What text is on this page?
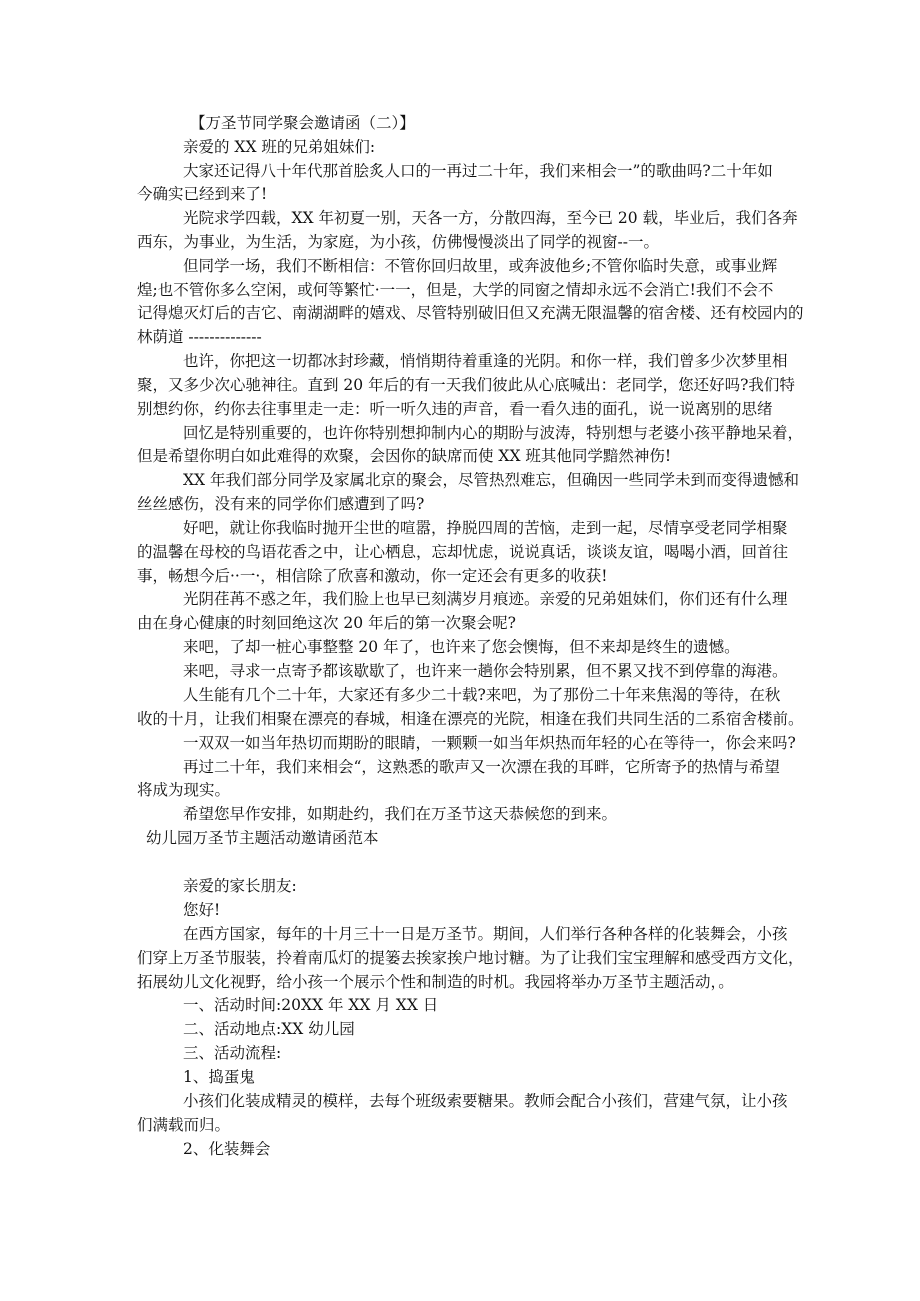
【万圣节同学聚会邀请函（二）】

亲爱的 XX 班的兄弟姐妹们:

大家还记得八十年代那首脍炙人口的一再过二十年，我们来相会一”的歌曲吗?二十年如

今确实已经到来了!

光院求学四载，XX 年初夏一别，天各一方，分散四海，至今已 20 载，毕业后，我们各奔

西东，为事业，为生活，为家庭，为小孩，仿佛慢慢淡出了同学的视窗--一。

但同学一场，我们不断相信：不管你回归故里，或奔波他乡;不管你临时失意，或事业辉

煌;也不管你多么空闲，或何等繁忙·一一，但是，大学的同窗之情却永远不会消亡!我们不会不

记得熄灭灯后的吉它、南湖湖畔的嬉戏、尽管特别破旧但又充满无限温馨的宿舍楼、还有校园内的

林荫道 --------------

也许，你把这一切都冰封珍藏，悄悄期待着重逢的光阴。和你一样，我们曾多少次梦里相

聚，又多少次心驰神往。直到 20 年后的有一天我们彼此从心底喊出：老同学，您还好吗?我们特

别想约你，约你去往事里走一走：听一听久违的声音，看一看久违的面孔，说一说离别的思绪

回忆是特别重要的，也许你特别想抑制内心的期盼与波涛，特别想与老婆小孩平静地呆着，

但是希望你明白如此难得的欢聚，会因你的缺席而使 XX 班其他同学黯然神伤!

XX 年我们部分同学及家属北京的聚会，尽管热烈难忘，但确因一些同学未到而变得遗憾和

丝丝感伤，没有来的同学你们感遭到了吗?

好吧，就让你我临时抛开尘世的喧嚣，挣脱四周的苦恼，走到一起，尽情享受老同学相聚

的温馨在母校的鸟语花香之中，让心栖息，忘却忧虑，说说真话，谈谈友谊，喝喝小酒，回首往

事，畅想今后··一·，相信除了欣喜和激动，你一定还会有更多的收获!

光阴荏苒不惑之年，我们脸上也早已刻满岁月痕迹。亲爱的兄弟姐妹们，你们还有什么理

由在身心健康的时刻回绝这次 20 年后的第一次聚会呢?

来吧，了却一桩心事整整 20 年了，也许来了您会懊悔，但不来却是终生的遗憾。

来吧，寻求一点寄予都该歇歇了，也许来一趟你会特别累，但不累又找不到停靠的海港。

人生能有几个二十年，大家还有多少二十载?来吧，为了那份二十年来焦渴的等待，在秋

收的十月，让我们相聚在漂亮的春城，相逢在漂亮的光院，相逢在我们共同生活的二系宿舍楼前。

一双双一如当年热切而期盼的眼睛，一颗颗一如当年炽热而年轻的心在等待一，你会来吗?

再过二十年，我们来相会“，这熟悉的歌声又一次漂在我的耳畔，它所寄予的热情与希望

将成为现实。

希望您早作安排，如期赴约，我们在万圣节这天恭候您的到来。

幼儿园万圣节主题活动邀请函范本

亲爱的家长朋友:

您好!

在西方国家，每年的十月三十一日是万圣节。期间，人们举行各种各样的化装舞会，小孩

们穿上万圣节服装，拎着南瓜灯的提篓去挨家挨户地讨糖。为了让我们宝宝理解和感受西方文化，

拓展幼儿文化视野，给小孩一个展示个性和制造的时机。我园将举办万圣节主题活动，。

一、活动时间:20XX 年 XX 月 XX 日

二、活动地点:XX 幼儿园

三、活动流程:

1、捣蛋鬼

小孩们化装成精灵的模样，去每个班级索要糖果。教师会配合小孩们，营建气氛，让小孩

们满载而归。

2、化装舞会
